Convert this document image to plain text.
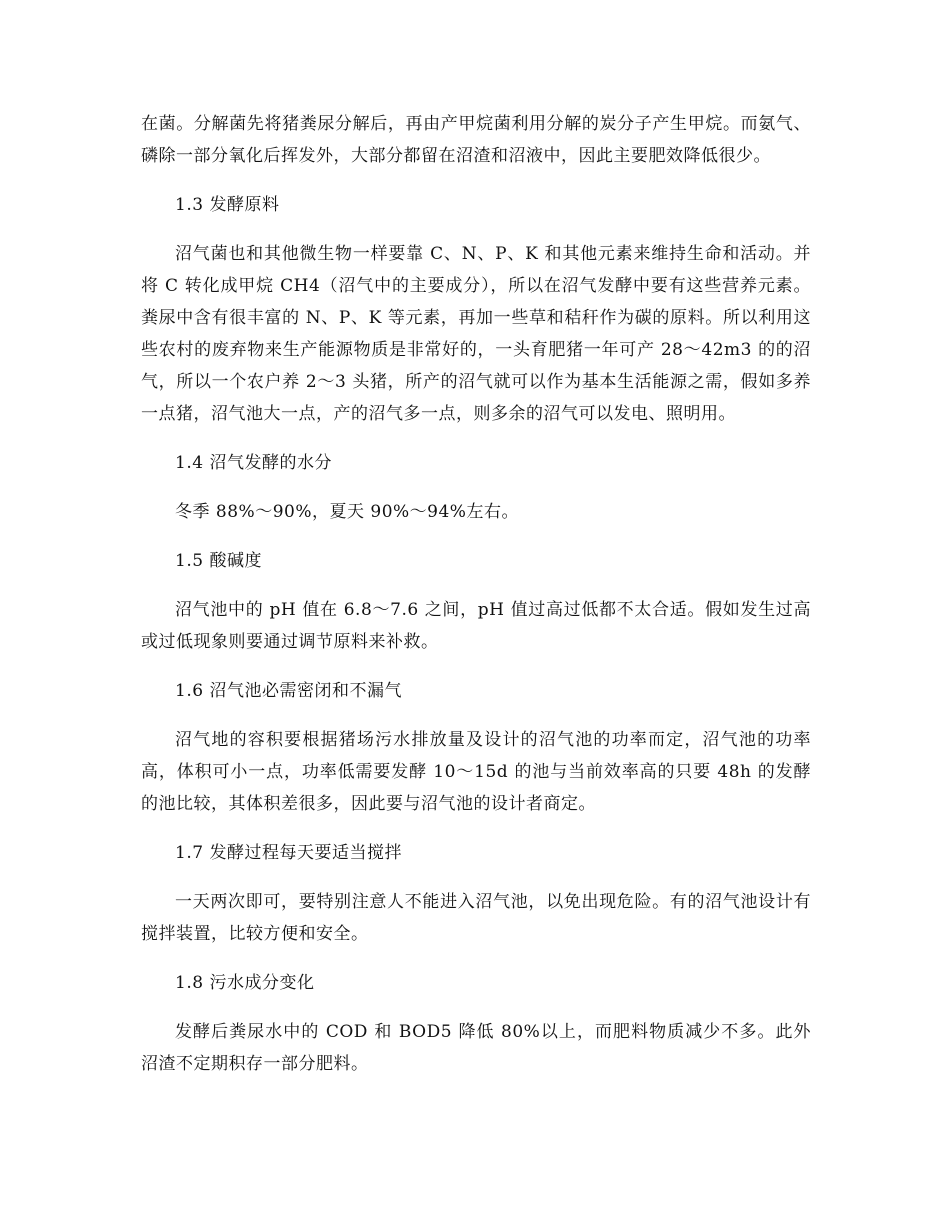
在菌。分解菌先将猪粪尿分解后，再由产甲烷菌利用分解的炭分子产生甲烷。而氨气、磷除一部分氧化后挥发外，大部分都留在沼渣和沼液中，因此主要肥效降低很少。

1.3 发酵原料

沼气菌也和其他微生物一样要靠 C、N、P、K 和其他元素来维持生命和活动。并将 C 转化成甲烷 CH4（沼气中的主要成分），所以在沼气发酵中要有这些营养元素。粪尿中含有很丰富的 N、P、K 等元素，再加一些草和秸秆作为碳的原料。所以利用这些农村的废弃物来生产能源物质是非常好的，一头育肥猪一年可产 28～42m3 的的沼气，所以一个农户养 2～3 头猪，所产的沼气就可以作为基本生活能源之需，假如多养一点猪，沼气池大一点，产的沼气多一点，则多余的沼气可以发电、照明用。

1.4 沼气发酵的水分

冬季 88%～90%，夏天 90%～94%左右。

1.5 酸碱度

沼气池中的 pH 值在 6.8～7.6 之间，pH 值过高过低都不太合适。假如发生过高或过低现象则要通过调节原料来补救。

1.6 沼气池必需密闭和不漏气

沼气地的容积要根据猪场污水排放量及设计的沼气池的功率而定，沼气池的功率高，体积可小一点，功率低需要发酵 10～15d 的池与当前效率高的只要 48h 的发酵的池比较，其体积差很多，因此要与沼气池的设计者商定。

1.7 发酵过程每天要适当搅拌

一天两次即可，要特别注意人不能进入沼气池，以免出现危险。有的沼气池设计有搅拌装置，比较方便和安全。

1.8 污水成分变化

发酵后粪尿水中的 COD 和 BOD5 降低 80%以上，而肥料物质减少不多。此外沼渣不定期积存一部分肥料。
